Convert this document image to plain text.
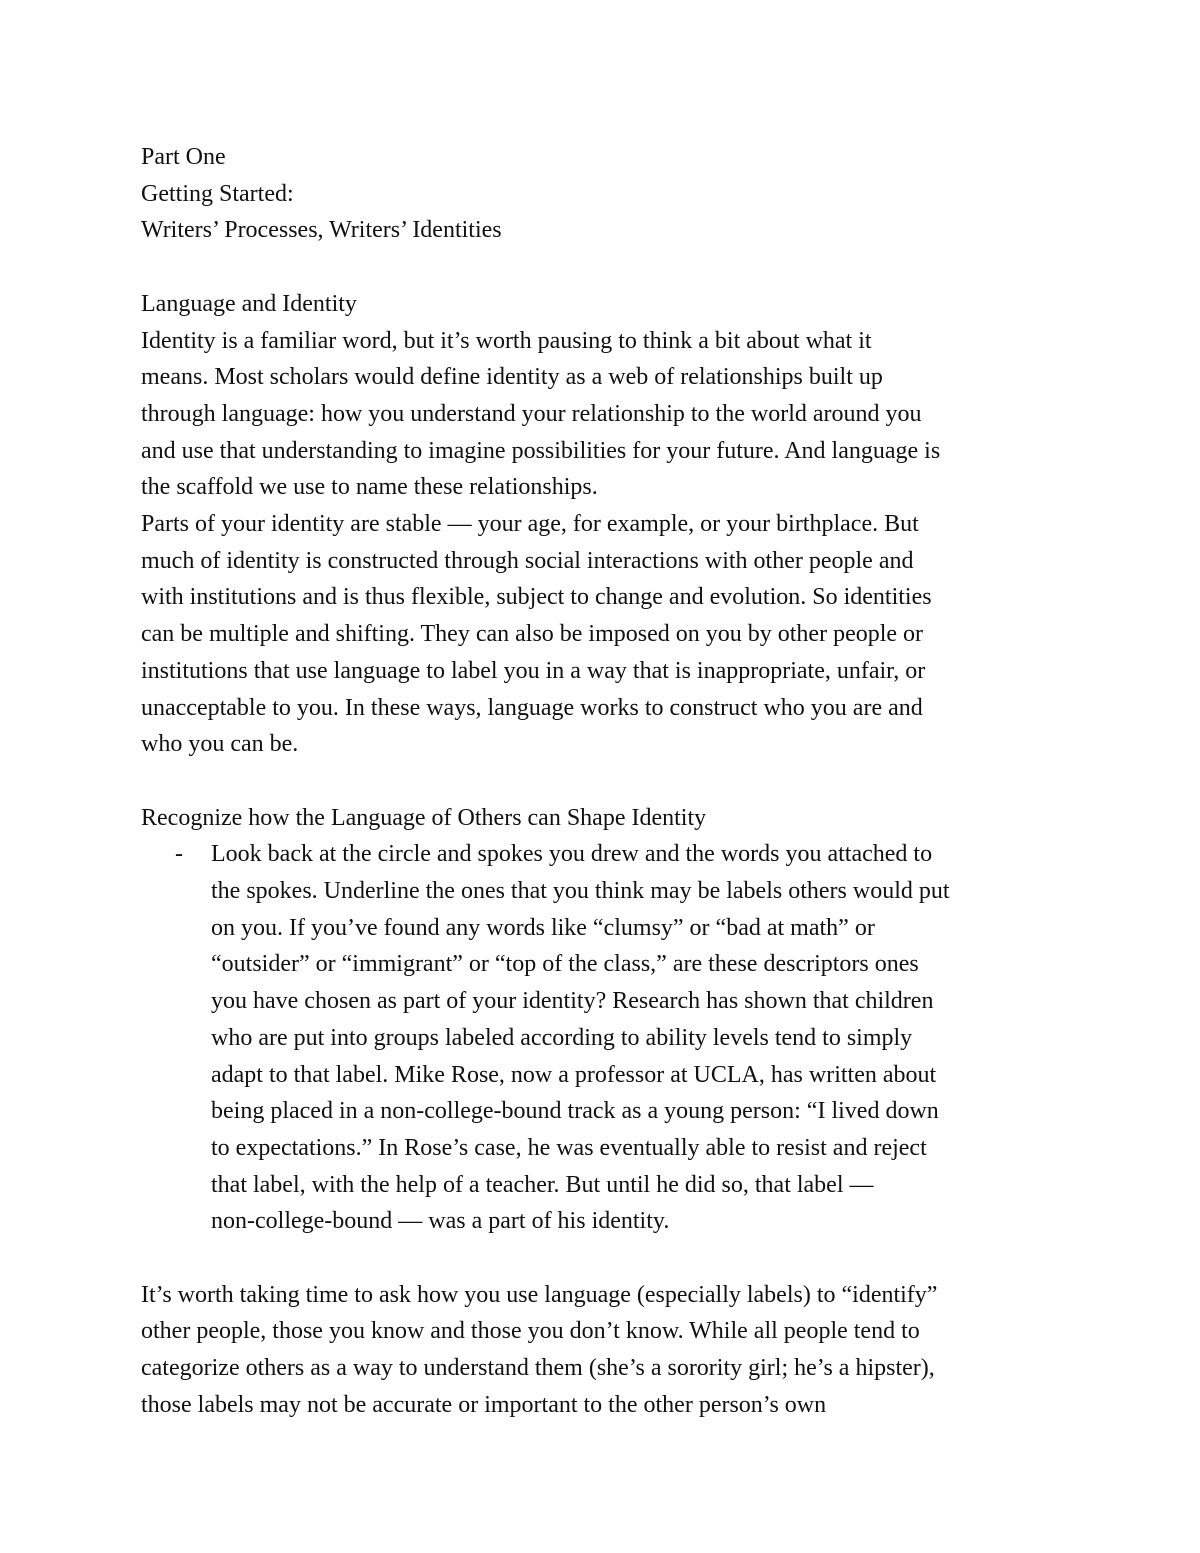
Part One

Getting Started:

Writers’ Processes, Writers’ Identities

Language and Identity

Identity is a familiar word, but it’s worth pausing to think a bit about what it

means. Most scholars would define identity as a web of relationships built up

through language: how you understand your relationship to the world around you

and use that understanding to imagine possibilities for your future. And language is

the scaffold we use to name these relationships.

Parts of your identity are stable — your age, for example, or your birthplace. But

much of identity is constructed through social interactions with other people and

with institutions and is thus flexible, subject to change and evolution. So identities

can be multiple and shifting. They can also be imposed on you by other people or

institutions that use language to label you in a way that is inappropriate, unfair, or

unacceptable to you. In these ways, language works to construct who you are and

who you can be.

Recognize how the Language of Others can Shape Identity

- Look back at the circle and spokes you drew and the words you attached to

the spokes. Underline the ones that you think may be labels others would put

on you. If you’ve found any words like “clumsy” or “bad at math” or

“outsider” or “immigrant” or “top of the class,” are these descriptors ones

you have chosen as part of your identity? Research has shown that children

who are put into groups labeled according to ability levels tend to simply

adapt to that label. Mike Rose, now a professor at UCLA, has written about

being placed in a non-college-bound track as a young person: “I lived down

to expectations.” In Rose’s case, he was eventually able to resist and reject

that label, with the help of a teacher. But until he did so, that label —

non-college-bound — was a part of his identity.

It’s worth taking time to ask how you use language (especially labels) to “identify”

other people, those you know and those you don’t know. While all people tend to

categorize others as a way to understand them (she’s a sorority girl; he’s a hipster),

those labels may not be accurate or important to the other person’s own
